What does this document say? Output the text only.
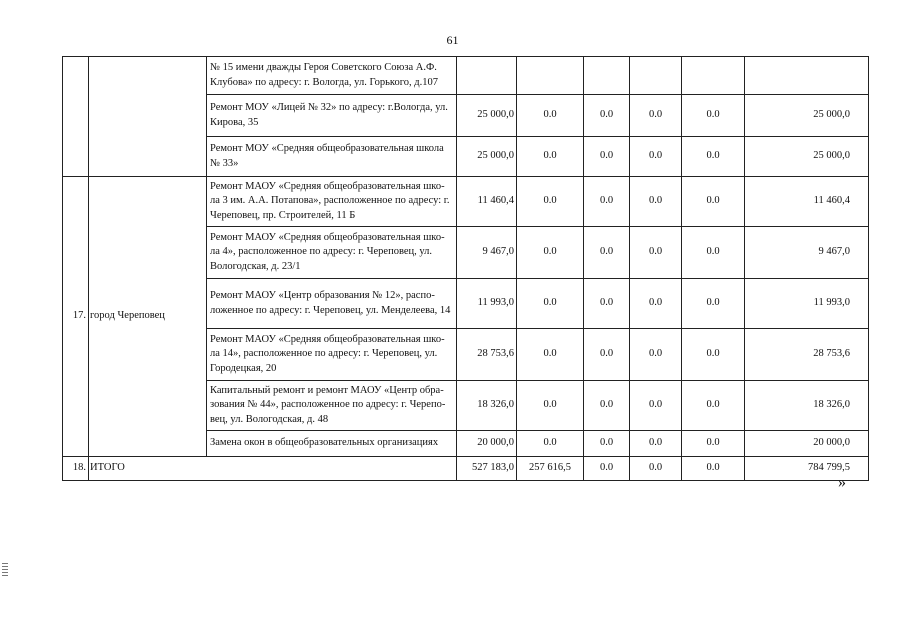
61
		№ 15 имени дважды Героя Советского Союза А.Ф. Клубова» по адресу: г. Вологда, ул. Горького, д.107						
		Ремонт МОУ «Лицей № 32» по адресу: г.Вологда, ул. Кирова, 35	25 000,0	0.0	0.0	0.0	0.0	25 000,0
		Ремонт МОУ «Средняя общеобразовательная школа № 33»	25 000,0	0.0	0.0	0.0	0.0	25 000,0
17.	город Череповец	Ремонт МАОУ «Средняя общеобразовательная шко-ла 3 им. А.А. Потапова», расположенное по адресу: г. Череповец, пр. Строителей, 11 Б	11 460,4	0.0	0.0	0.0	0.0	11 460,4
		Ремонт МАОУ «Средняя общеобразовательная шко-ла 4», расположенное по адресу: г. Череповец, ул. Вологодская, д. 23/1	9 467,0	0.0	0.0	0.0	0.0	9 467,0
		Ремонт МАОУ «Центр образования № 12», распо-ложенное по адресу: г. Череповец, ул. Менделеева, 14	11 993,0	0.0	0.0	0.0	0.0	11 993,0
		Ремонт МАОУ «Средняя общеобразовательная шко-ла 14», расположенное по адресу: г. Череповец, ул. Городецкая, 20	28 753,6	0.0	0.0	0.0	0.0	28 753,6
		Капитальный ремонт и ремонт МАОУ «Центр обра-зования № 44», расположенное по адресу: г. Черепо-вец, ул. Вологодская, д. 48	18 326,0	0.0	0.0	0.0	0.0	18 326,0
		Замена окон в общеобразовательных организациях	20 000,0	0.0	0.0	0.0	0.0	20 000,0
18.	ИТОГО		527 183,0	257 616,5	0.0	0.0	0.0	784 799,5
»
